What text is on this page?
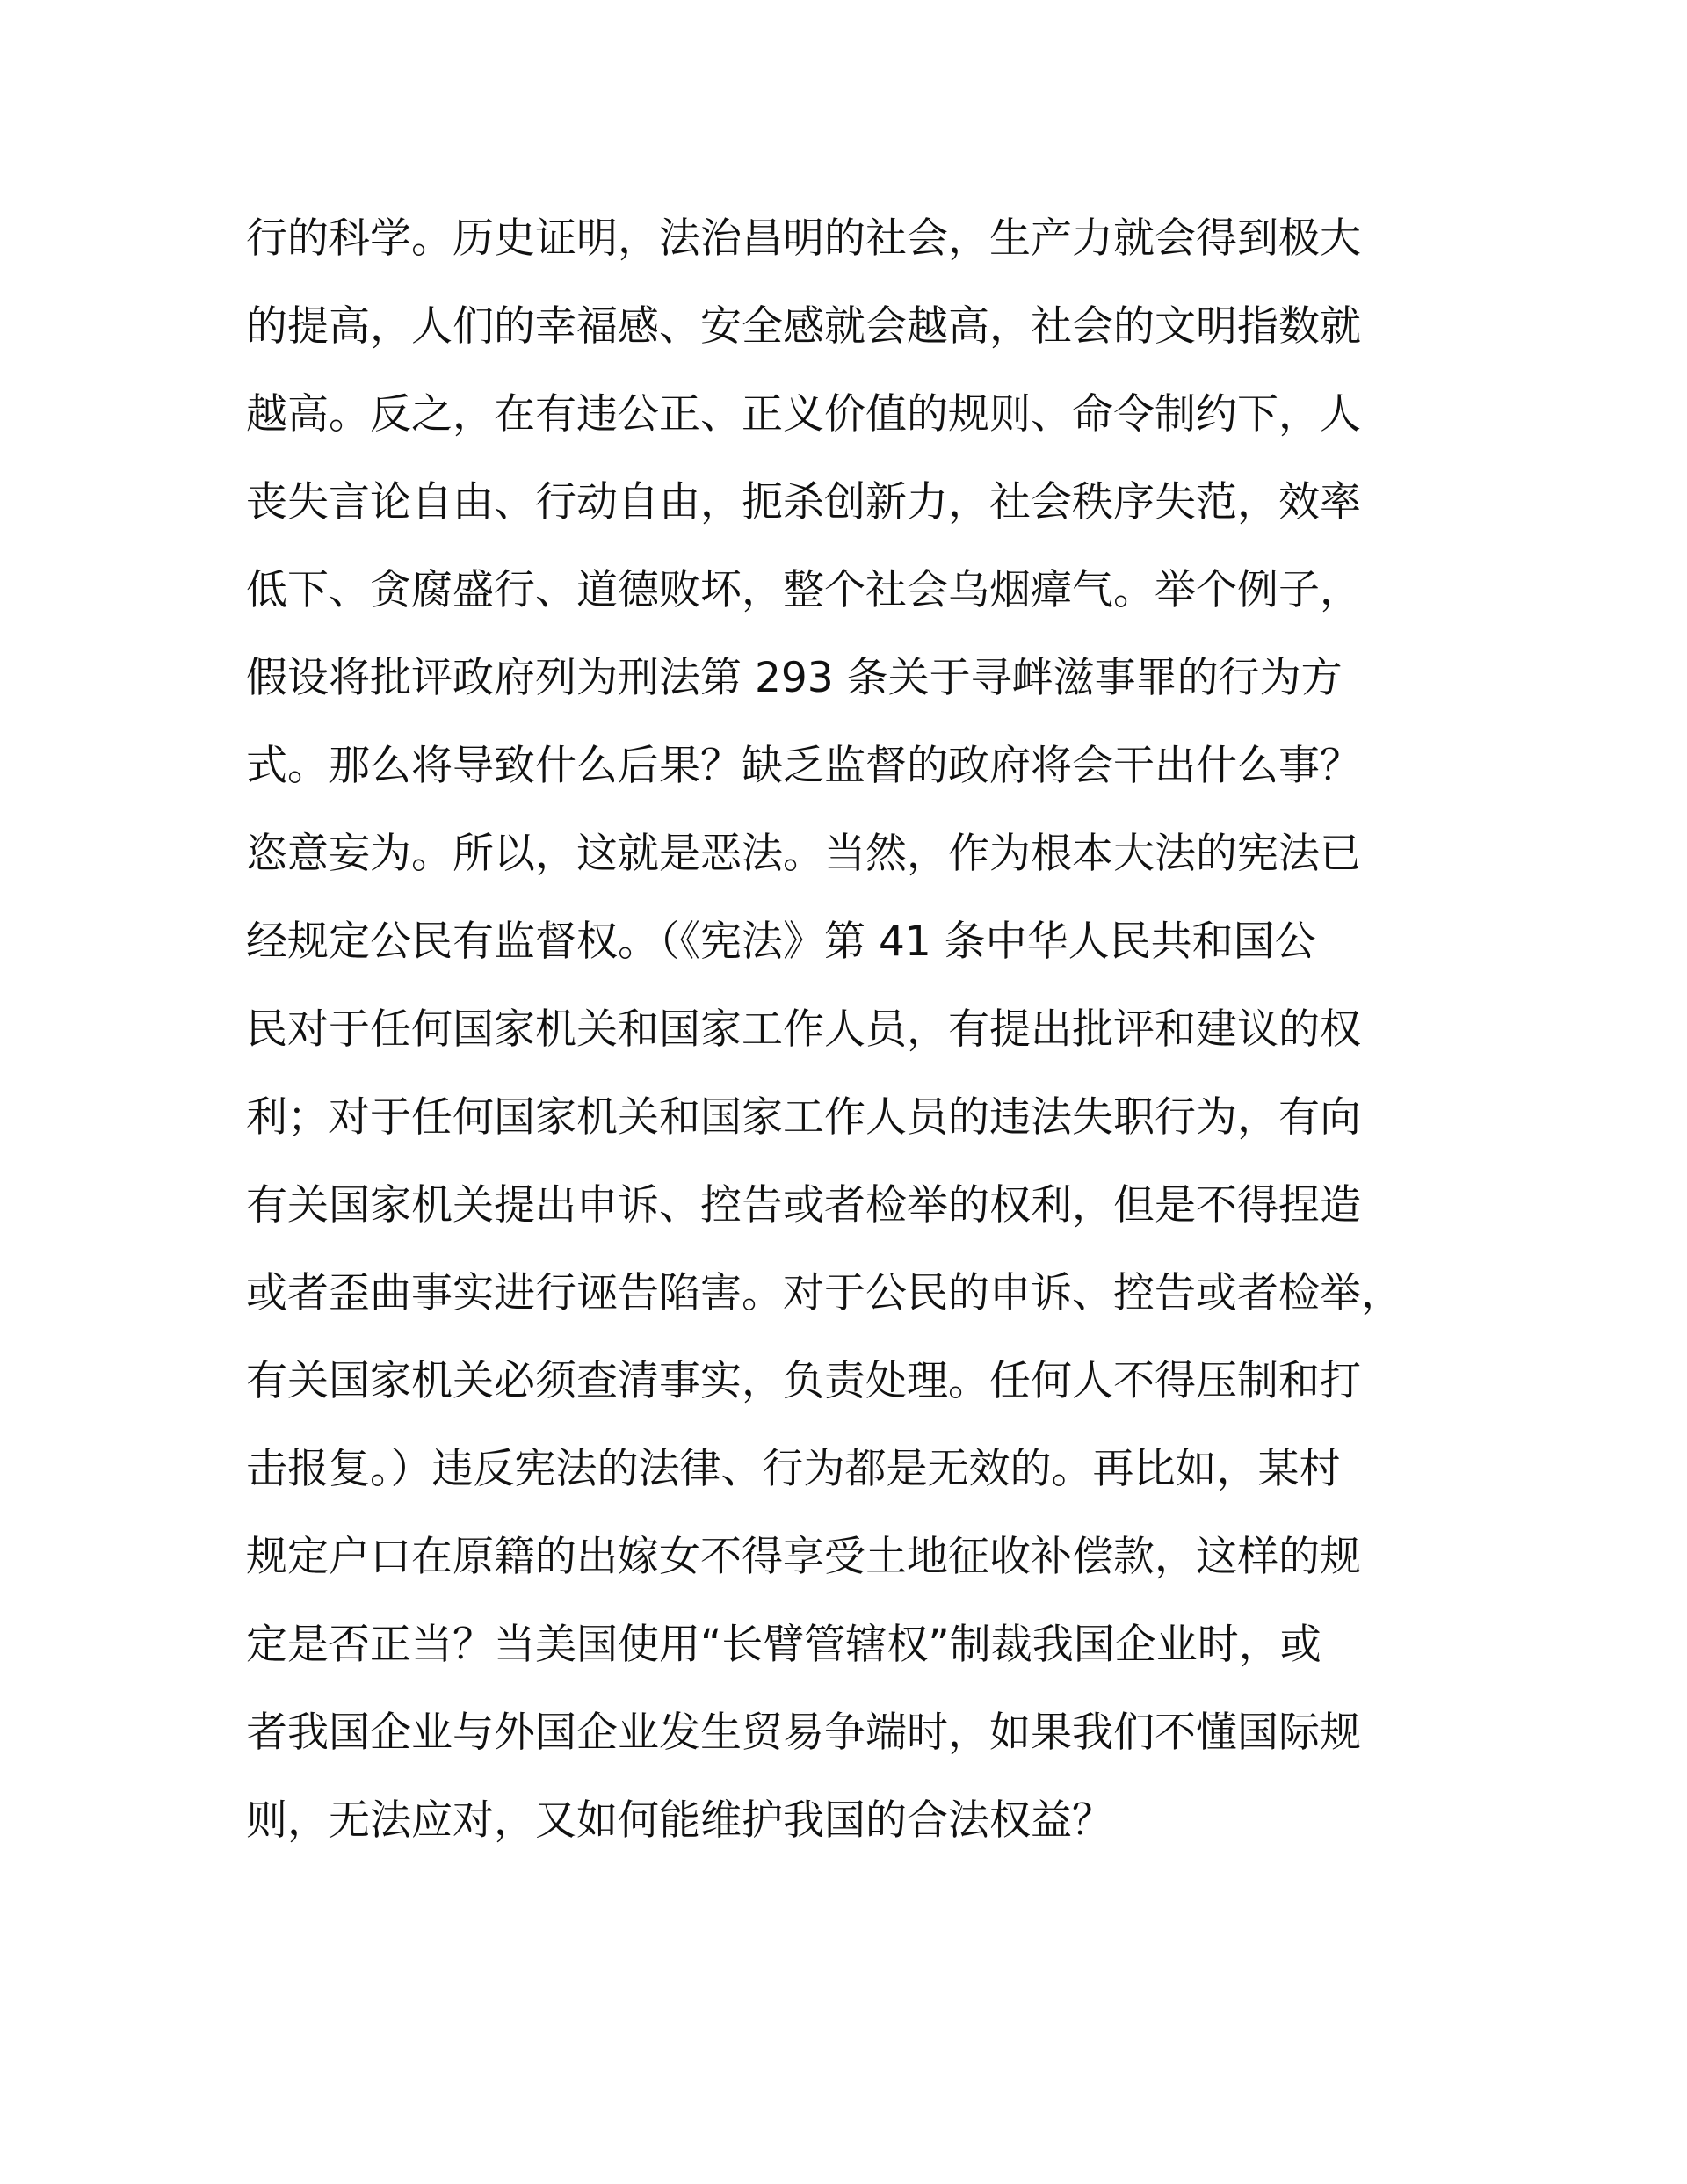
行的科学。历史证明，法治昌明的社会，生产力就会得到极大
的提高，人们的幸福感、安全感就会越高，社会的文明指数就
越高。反之，在有违公正、正义价值的规则、命令制约下，人
丧失言论自由、行动自由，扼杀创新力，社会秩序失范，效率
低下、贪腐盛行、道德败坏，整个社会乌烟瘴气。举个例子，
假设将批评政府列为刑法第 293 条关于寻衅滋事罪的行为方
式。那么将导致什么后果？缺乏监督的政府将会干出什么事？
恣意妄为。所以，这就是恶法。当然，作为根本大法的宪法已
经规定公民有监督权。（《宪法》第 41 条中华人民共和国公
民对于任何国家机关和国家工作人员，有提出批评和建议的权
利；对于任何国家机关和国家工作人员的违法失职行为，有向
有关国家机关提出申诉、控告或者检举的权利，但是不得捏造
或者歪曲事实进行诬告陷害。对于公民的申诉、控告或者检举，
有关国家机关必须查清事实，负责处理。任何人不得压制和打
击报复。）违反宪法的法律、行为都是无效的。再比如，某村
规定户口在原籍的出嫁女不得享受土地征收补偿款，这样的规
定是否正当？当美国使用“长臂管辖权”制裁我国企业时，或
者我国企业与外国企业发生贸易争端时，如果我们不懂国际规
则，无法应对，又如何能维护我国的合法权益？
